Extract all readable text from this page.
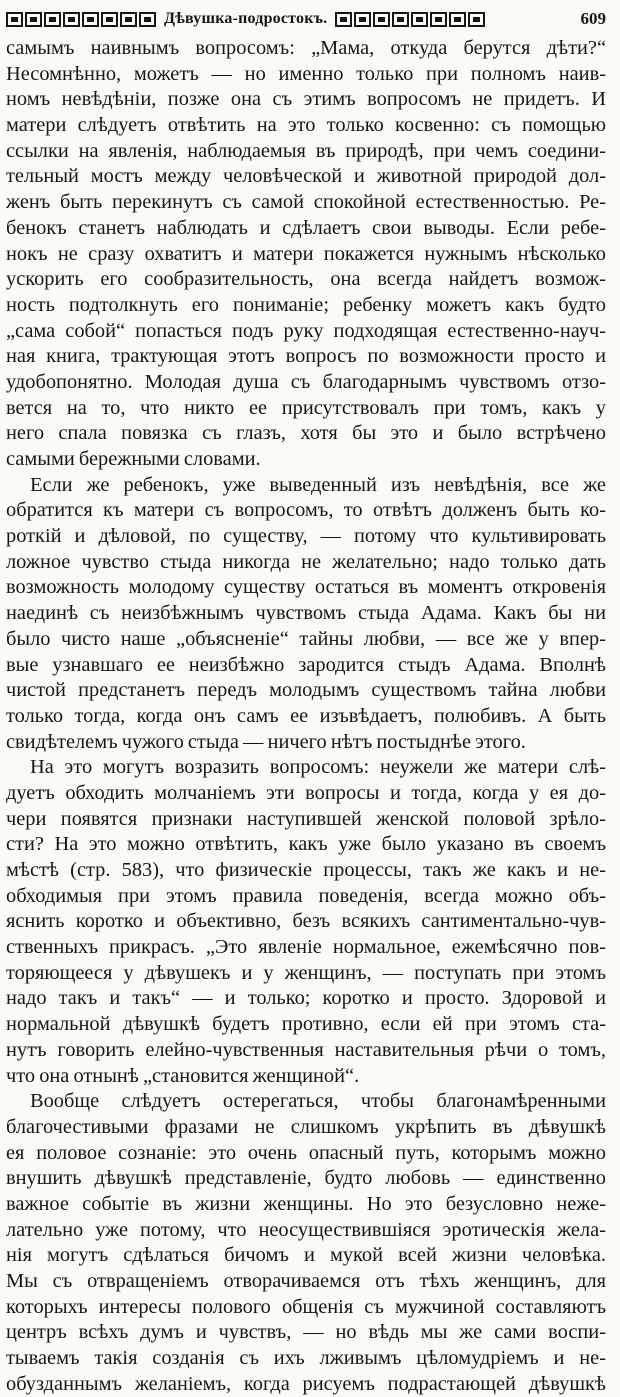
Дѣвушка-подростокъ.	609
самымъ наивнымъ вопросомъ: „Мама, откуда берутся дѣти?“
Несомнѣнно, можетъ — но именно только при полномъ наив-
номъ невѣдѣніи, позже она съ этимъ вопросомъ не придетъ. И
матери слѣдуетъ отвѣтить на это только косвенно: съ помощью
ссылки на явленія, наблюдаемыя въ природѣ, при чемъ соедини-
тельный мостъ между человѣческой и животной природой дол-
женъ быть перекинутъ съ самой спокойной естественностью. Ре-
бенокъ станетъ наблюдать и сдѣлаетъ свои выводы. Если ребе-
нокъ не сразу охватитъ и матери покажется нужнымъ нѣсколько
ускорить его сообразительность, она всегда найдетъ возмож-
ность подтолкнуть его пониманіе; ребенку можетъ какъ будто
„сама собой“ попасться подъ руку подходящая естественно-науч-
ная книга, трактующая этотъ вопросъ по возможности просто и
удобопонятно. Молодая душа съ благодарнымъ чувствомъ отзо-
вется на то, что никто ее присутствовалъ при томъ, какъ у
него спала повязка съ глазъ, хотя бы это и было встрѣчено
самыми бережными словами.
Если же ребенокъ, уже выведенный изъ невѣдѣнія, все же
обратится къ матери съ вопросомъ, то отвѣтъ долженъ быть ко-
роткій и дѣловой, по существу, — потому что культивировать
ложное чувство стыда никогда не желательно; надо только дать
возможность молодому существу остаться въ моментъ откровенія
наединѣ съ неизбѣжнымъ чувствомъ стыда Адама. Какъ бы ни
было чисто наше „объясненіе“ тайны любви, — все же у впер-
вые узнавшаго ее неизбѣжно зародится стыдъ Адама. Вполнѣ
чистой предстанетъ передъ молодымъ существомъ тайна любви
только тогда, когда онъ самъ ее изъвѣдаетъ, полюбивъ. А быть
свидѣтелемъ чужого стыда — ничего нѣтъ постыднѣе этого.
На это могутъ возразить вопросомъ: неужели же матери слѣ-
дуетъ обходить молчаніемъ эти вопросы и тогда, когда у ея до-
чери появятся признаки наступившей женской половой зрѣло-
сти? На это можно отвѣтить, какъ уже было указано въ своемъ
мѣстѣ (стр. 583), что физическіе процессы, такъ же какъ и не-
обходимыя при этомъ правила поведенія, всегда можно объ-
яснить коротко и объективно, безъ всякихъ сантиментально-чув-
ственныхъ прикрасъ. „Это явленіе нормальное, ежемѣсячно пов-
торяющееся у дѣвушекъ и у женщинъ, — поступать при этомъ
надо такъ и такъ“ — и только; коротко и просто. Здоровой и
нормальной дѣвушкѣ будетъ противно, если ей при этомъ ста-
нутъ говорить елейно-чувственныя наставительныя рѣчи о томъ,
что она отнынѣ „становится женщиной“.
Вообще слѣдуетъ остерегаться, чтобы благонамѣренными
благочестивыми фразами не слишкомъ укрѣпить въ дѣвушкѣ
ея половое сознаніе: это очень опасный путь, которымъ можно
внушить дѣвушкѣ представленіе, будто любовь — единственно
важное событіе въ жизни женщины. Но это безусловно неже-
лательно уже потому, что неосуществившіяся эротическія жела-
нія могутъ сдѣлаться бичомъ и мукой всей жизни человѣка.
Мы съ отвращеніемъ отворачиваемся отъ тѣхъ женщинъ, для
которыхъ интересы полового общенія съ мужчиной составляютъ
центръ всѣхъ думъ и чувствъ, — но вѣдь мы же сами воспи-
тываемъ такія созданія съ ихъ лживымъ цѣломудріемъ и не-
обузданнымъ желаніемъ, когда рисуемъ подрастающей дѣвушкѣ
